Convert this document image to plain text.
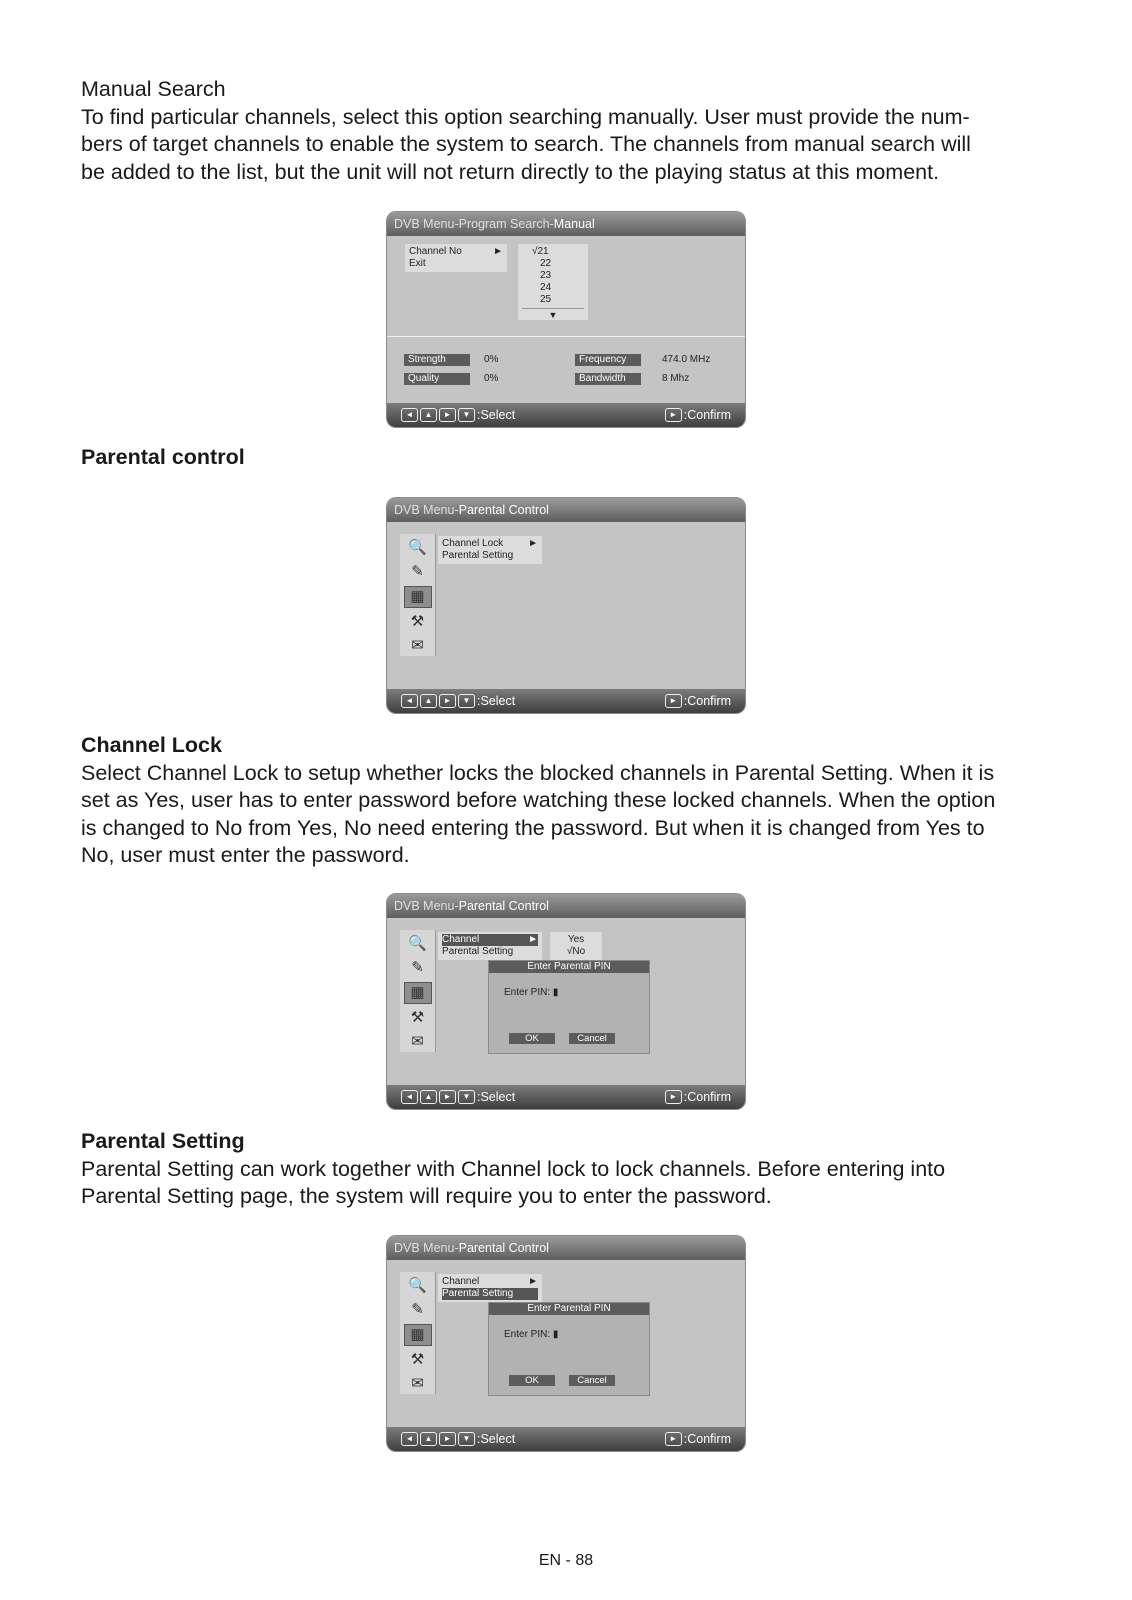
Manual Search

To find particular channels, select this option searching manually. User must provide the num-

bers of target channels to enable the system to search. The channels from manual search will

be added to the list, but the unit will not return directly to the playing status at this moment.

DVB Menu-Program Search-Manual
Channel No	►
Exit
√21
22
23
24
25
▼
Strength	0%
Quality	0%
Frequency	474.0 MHz
Bandwidth	8 Mhz
◄	▲	►	▼ :Select	► :Confirm
Parental control
DVB Menu-Parental Control
🔍
✎
▦
⚒
✉
Channel Lock ►
Parental Setting
◄	▲	►	▼ :Select	► :Confirm

Channel Lock

Select Channel Lock to setup whether locks the blocked channels in Parental Setting. When it is

set as Yes, user has to enter password before watching these locked channels. When the option

is changed to No from Yes, No need entering the password. But when it is changed from Yes to

No, user must enter the password.

DVB Menu-Parental Control
🔍
✎
▦
⚒
✉
Channel	►
Parental Setting
Yes
√No
Enter Parental PIN
Enter PIN: ▮
OK	Cancel
◄	▲	►	▼ :Select	► :Confirm

Parental Setting

Parental Setting can work together with Channel lock to lock channels. Before entering into

Parental Setting page, the system will require you to enter the password.

DVB Menu-Parental Control
🔍
✎
▦
⚒
✉
Channel	►
Parental Setting
Enter Parental PIN
Enter PIN: ▮
OK	Cancel
◄	▲	►	▼ :Select	► :Confirm
EN - 88
